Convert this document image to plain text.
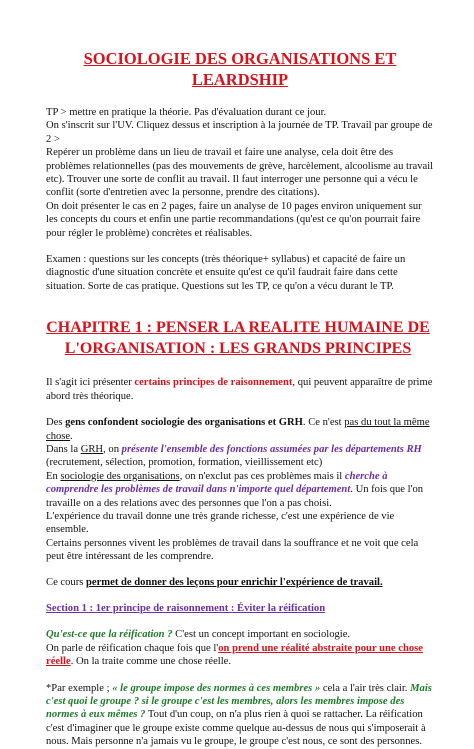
SOCIOLOGIE DES ORGANISATIONS ET LEARDSHIP
TP > mettre en pratique la théorie. Pas d'évaluation durant ce jour.
On s'inscrit sur l'UV. Cliquez dessus et inscription à la journée de TP. Travail par groupe de 2 >
Repérer un problème dans un lieu de travail et faire une analyse, cela doit être des problèmes relationnelles (pas des mouvements de grève, harcèlement, alcoolisme au travail etc). Trouver une sorte de conflit au travail. Il faut interroger une personne qui a vécu le conflit (sorte d'entretien avec la personne, prendre des citations).
On doit présenter le cas en 2 pages, faire un analyse de 10 pages environ uniquement sur les concepts du cours et enfin une partie recommandations (qu'est ce qu'on pourrait faire pour régler le problème) concrètes et réalisables.

Examen : questions sur les concepts (très théorique+ syllabus) et capacité de faire un diagnostic d'une situation concrète et ensuite qu'est ce qu'il faudrait faire dans cette situation. Sorte de cas pratique. Questions sut les TP, ce qu'on a vécu durant le TP.

CHAPITRE 1 : PENSER LA REALITE HUMAINE DE L'ORGANISATION : LES GRANDS PRINCIPES

Il s'agit ici présenter certains principes de raisonnement, qui peuvent apparaître de prime abord très théorique.

Des gens confondent sociologie des organisations et GRH. Ce n'est pas du tout la même chose.
Dans la GRH, on présente l'ensemble des fonctions assumées par les départements RH
(recrutement, sélection, promotion, formation, vieillissement etc)
En sociologie des organisations, on n'exclut pas ces problèmes mais il cherche à comprendre les problèmes de travail dans n'importe quel département. Un fois que l'on travaille on a des relations avec des personnes que l'on a pas choisi.
L'expérience du travail donne une très grande richesse, c'est une expérience de vie ensemble.
Certains personnes vivent les problèmes de travail dans la souffrance et ne voit que cela peut être intéressant de les comprendre.

Ce cours permet de donner des leçons pour enrichir l'expérience de travail.

Section 1 : 1er principe de raisonnement : Éviter la réification

Qu'est-ce que la réification ? C'est un concept important en sociologie.
On parle de réification chaque fois que l'on prend une réalité abstraite pour une chose réelle. On la traite comme une chose réelle.

*Par exemple ; « le groupe impose des normes à ces membres » cela a l'air très clair. Mais c'est quoi le groupe ? si le groupe c'est les membres, alors les membres impose des normes à eux mêmes ? Tout d'un coup, on n'a plus rien à quoi se rattacher. La réification c'est d'imaginer que le groupe existe comme quelque au-dessus de nous qui s'imposerait à nous. Mais personne n'a jamais vu le groupe, le groupe c'est nous, ce sont des personnes.
